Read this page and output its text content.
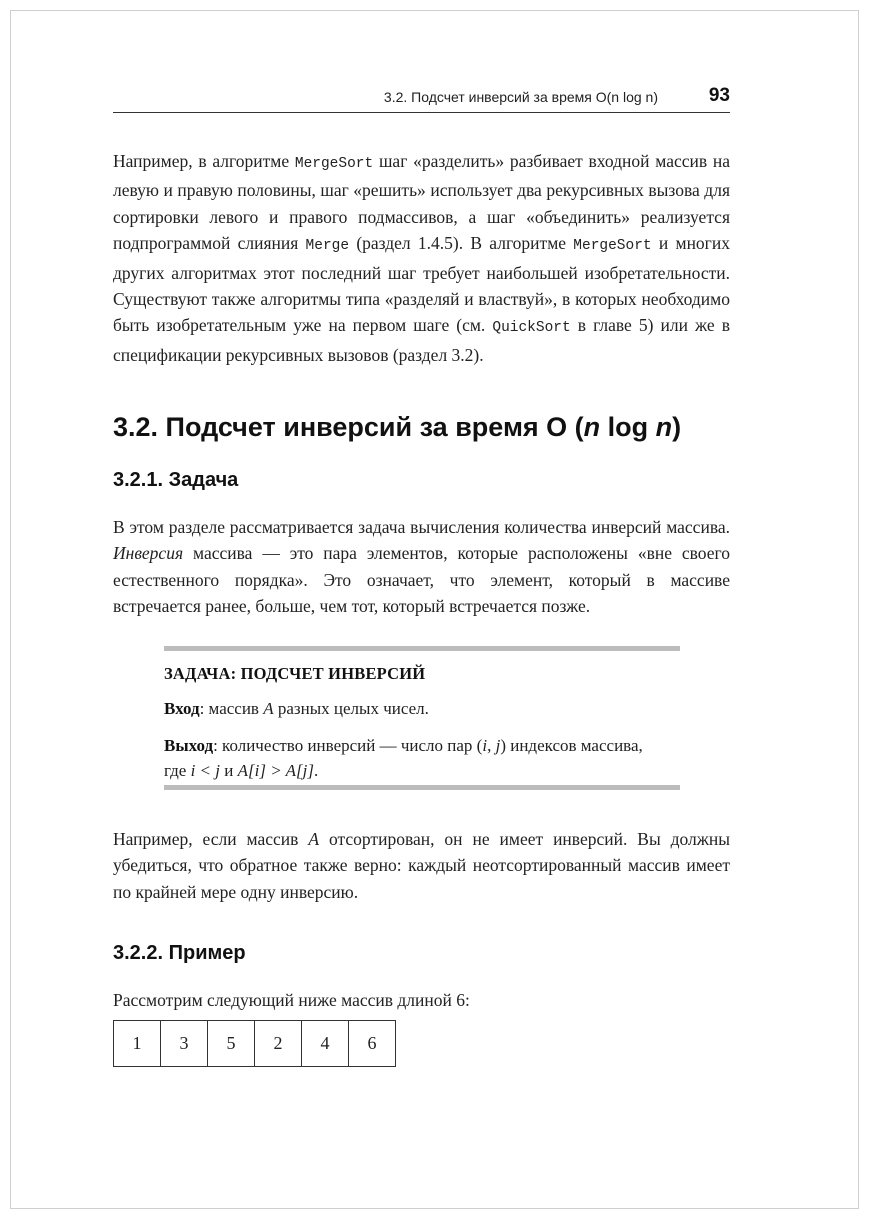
3.2. Подсчет инверсий за время O(n log n)	93
Например, в алгоритме MergeSort шаг «разделить» разбивает входной массив на левую и правую половины, шаг «решить» использует два рекурсивных вызова для сортировки левого и правого подмассивов, а шаг «объединить» реализуется подпрограммой слияния Merge (раздел 1.4.5). В алгоритме MergeSort и многих других алгоритмах этот последний шаг требует наибольшей изобретательности. Существуют также алгоритмы типа «разделяй и властвуй», в которых необходимо быть изобретательным уже на первом шаге (см. QuickSort в главе 5) или же в спецификации рекурсивных вызовов (раздел 3.2).
3.2. Подсчет инверсий за время O (n log n)
3.2.1. Задача
В этом разделе рассматривается задача вычисления количества инверсий массива. Инверсия массива — это пара элементов, которые расположены «вне своего естественного порядка». Это означает, что элемент, который в массиве встречается ранее, больше, чем тот, который встречается позже.
ЗАДАЧА: ПОДСЧЕТ ИНВЕРСИЙ
Вход: массив A разных целых чисел.
Выход: количество инверсий — число пар (i, j) индексов массива,
где i < j и A[i] > A[j].
Например, если массив A отсортирован, он не имеет инверсий. Вы должны убедиться, что обратное также верно: каждый неотсортированный массив имеет по крайней мере одну инверсию.
3.2.2. Пример
Рассмотрим следующий ниже массив длиной 6:
1	3	5	2	4	6
